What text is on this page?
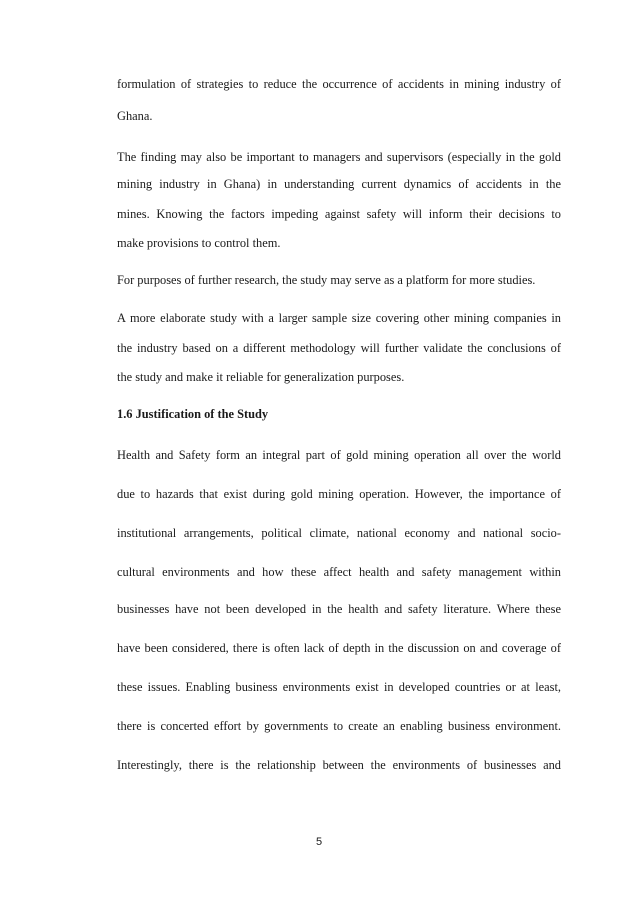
formulation of strategies to reduce the occurrence of accidents in mining industry of
Ghana.
The finding may also be important to managers and supervisors (especially in the gold
mining industry in Ghana) in understanding current dynamics of accidents in the
mines. Knowing the factors impeding against safety will inform their decisions to
make provisions to control them.
For purposes of further research, the study may serve as a platform for more studies.
A more elaborate study with a larger sample size covering other mining companies in
the industry based on a different methodology will further validate the conclusions of
the study and make it reliable for generalization purposes.
1.6 Justification of the Study
Health and Safety form an integral part of gold mining operation all over the world
due to hazards that exist during gold mining operation. However, the importance of
institutional arrangements, political climate, national economy and national socio-
cultural environments and how these affect health and safety management within
businesses have not been developed in the health and safety literature. Where these
have been considered, there is often lack of depth in the discussion on and coverage of
these issues. Enabling business environments exist in developed countries or at least,
there is concerted effort by governments to create an enabling business environment.
Interestingly, there is the relationship between the environments of businesses and
5
